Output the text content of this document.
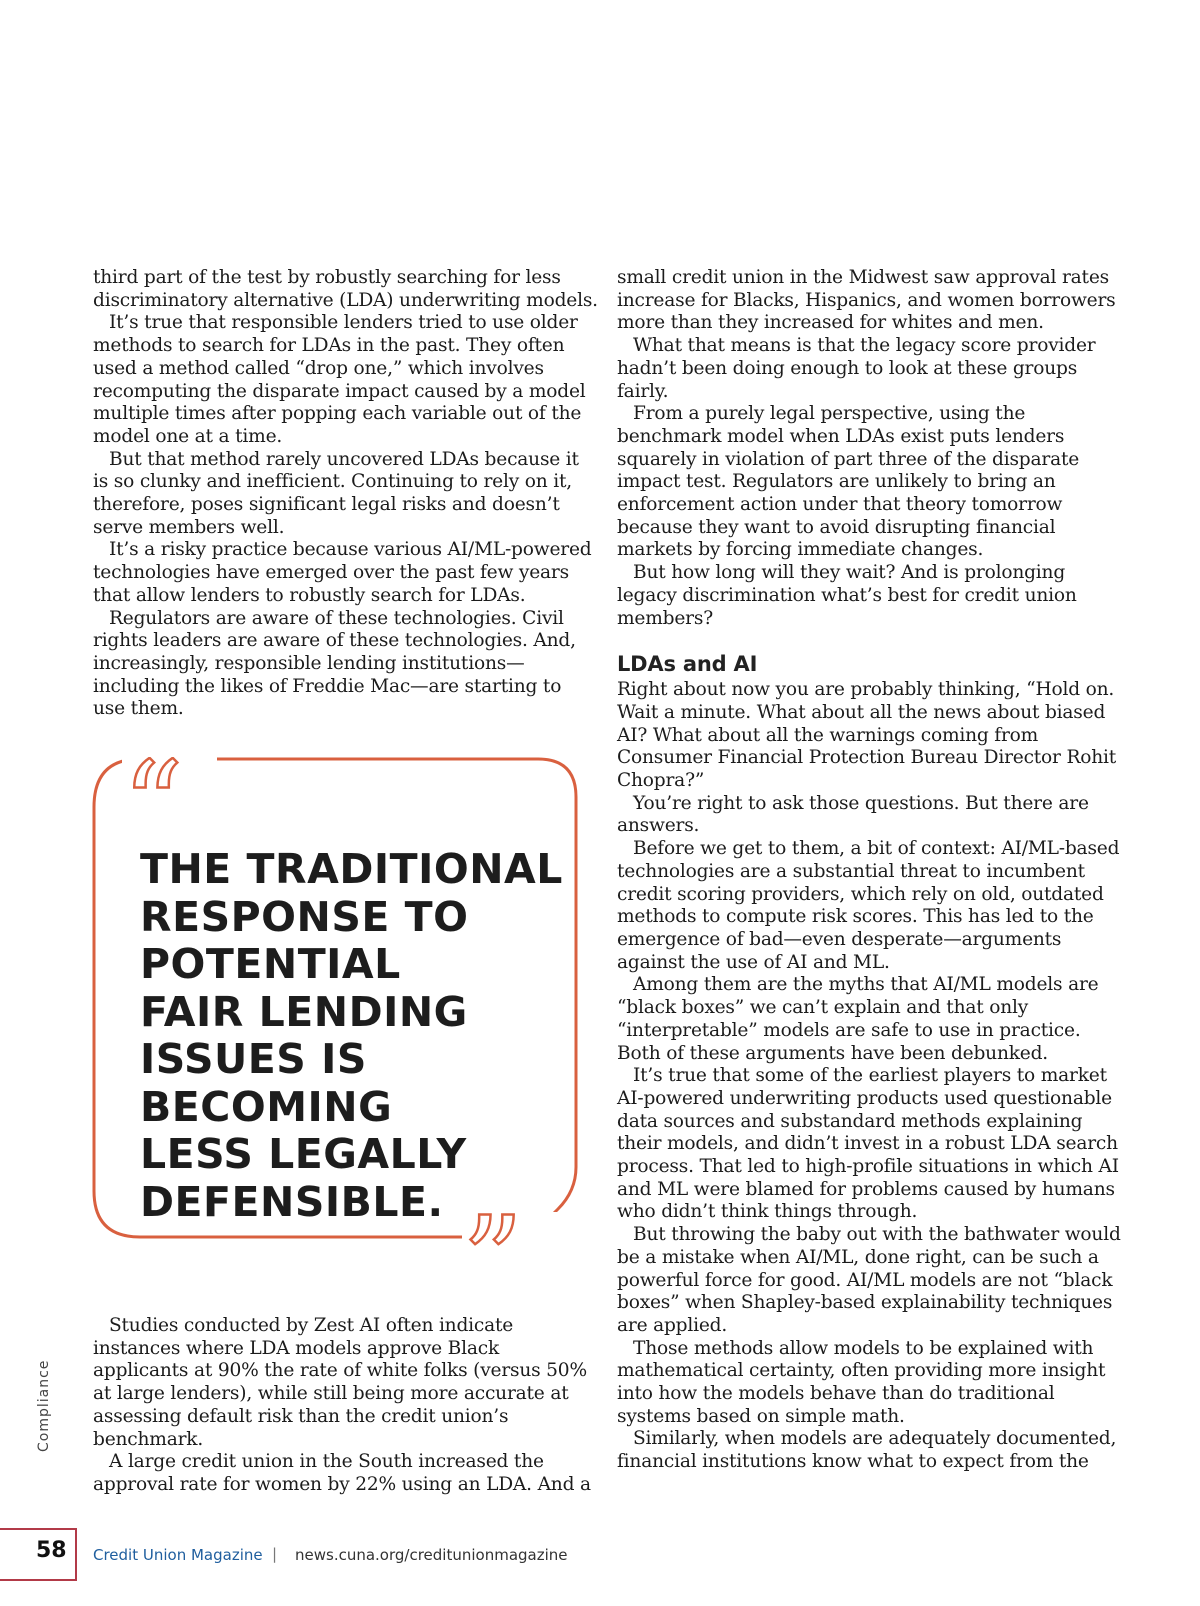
third part of the test by robustly searching for less discriminatory alternative (LDA) underwriting models.

It’s true that responsible lenders tried to use older methods to search for LDAs in the past. They often used a method called “drop one,” which involves recomputing the disparate impact caused by a model multiple times after popping each variable out of the model one at a time.

But that method rarely uncovered LDAs because it is so clunky and inefficient. Continuing to rely on it, therefore, poses significant legal risks and doesn’t serve members well.

It’s a risky practice because various AI/ML-powered technologies have emerged over the past few years that allow lenders to robustly search for LDAs.

Regulators are aware of these technologies. Civil rights leaders are aware of these technologies. And, increasingly, responsible lending institutions—including the likes of Freddie Mac—are starting to use them.

“
”
THE TRADITIONAL
RESPONSE TO
POTENTIAL
FAIR LENDING
ISSUES IS
BECOMING
LESS LEGALLY
DEFENSIBLE.

Studies conducted by Zest AI often indicate instances where LDA models approve Black applicants at 90% the rate of white folks (versus 50% at large lenders), while still being more accurate at assessing default risk than the credit union’s benchmark.

A large credit union in the South increased the approval rate for women by 22% using an LDA. And a

small credit union in the Midwest saw approval rates increase for Blacks, Hispanics, and women borrowers more than they increased for whites and men.

What that means is that the legacy score provider hadn’t been doing enough to look at these groups fairly.

From a purely legal perspective, using the benchmark model when LDAs exist puts lenders squarely in violation of part three of the disparate impact test. Regulators are unlikely to bring an enforcement action under that theory tomorrow because they want to avoid disrupting financial markets by forcing immediate changes.

But how long will they wait? And is prolonging legacy discrimination what’s best for credit union members?

LDAs and AI

Right about now you are probably thinking, “Hold on. Wait a minute. What about all the news about biased AI? What about all the warnings coming from Consumer Financial Protection Bureau Director Rohit Chopra?”

You’re right to ask those questions. But there are answers.

Before we get to them, a bit of context: AI/ML-based technologies are a substantial threat to incumbent credit scoring providers, which rely on old, outdated methods to compute risk scores. This has led to the emergence of bad—even desperate—arguments against the use of AI and ML.

Among them are the myths that AI/ML models are “black boxes” we can’t explain and that only “interpretable” models are safe to use in practice. Both of these arguments have been debunked.

It’s true that some of the earliest players to market AI-powered underwriting products used questionable data sources and substandard methods explaining their models, and didn’t invest in a robust LDA search process. That led to high-profile situations in which AI and ML were blamed for problems caused by humans who didn’t think things through.

But throwing the baby out with the bathwater would be a mistake when AI/ML, done right, can be such a powerful force for good. AI/ML models are not “black boxes” when Shapley-based explainability techniques are applied.

Those methods allow models to be explained with mathematical certainty, often providing more insight into how the models behave than do traditional systems based on simple math.

Similarly, when models are adequately documented, financial institutions know what to expect from the

Compliance
58 Credit Union Magazine | news.cuna.org/creditunionmagazine
